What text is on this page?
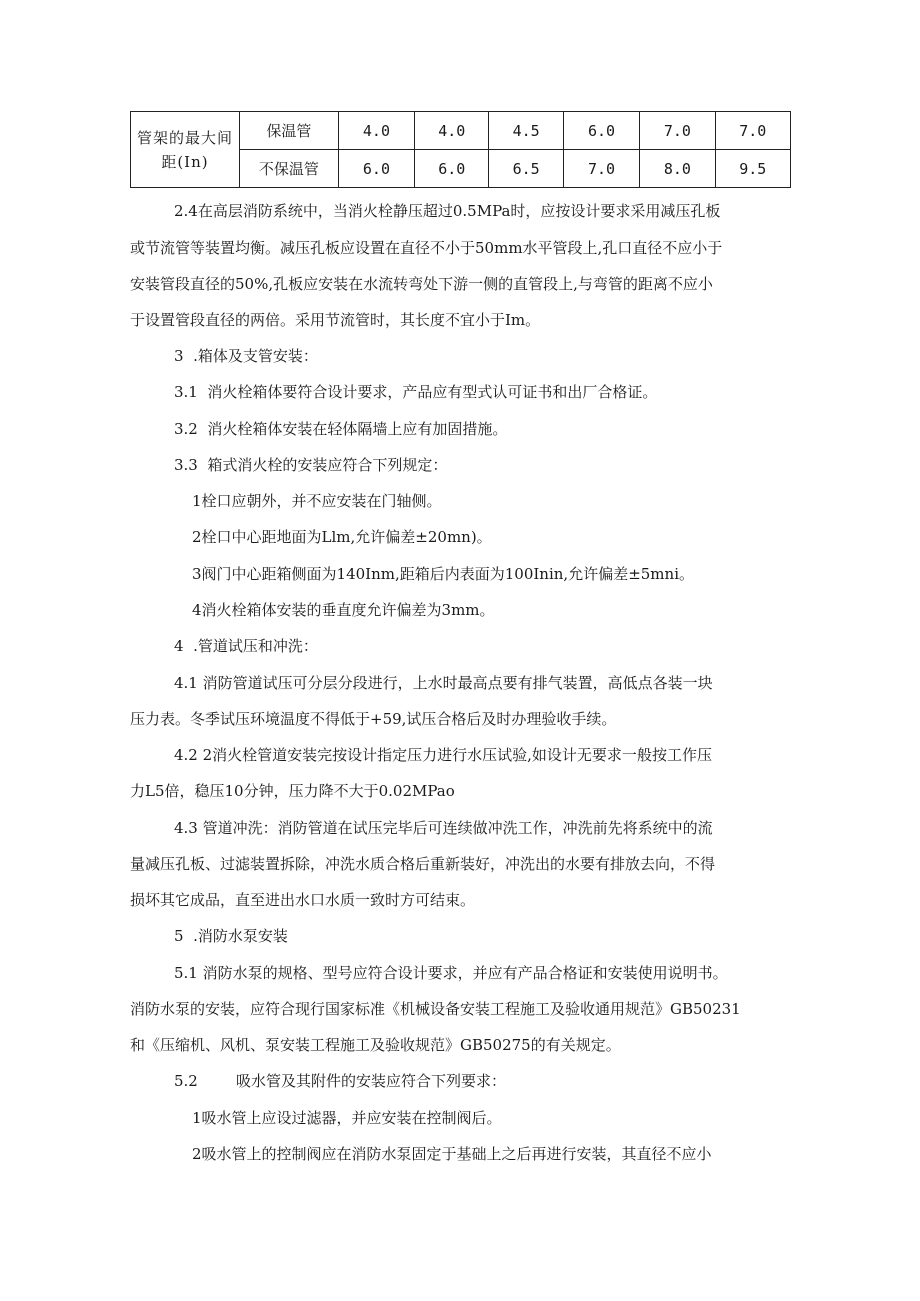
管架的最大间
距(In)	保温管	4.0	4.0	4.5	6.0	7.0	7.0
	不保温管	6.0	6.0	6.5	7.0	8.0	9.5
2.4在高层消防系统中，当消火栓静压超过0.5MPa时，应按设计要求采用减压孔板
或节流管等装置均衡。减压孔板应设置在直径不小于50mm水平管段上,孔口直径不应小于
安装管段直径的50%,孔板应安装在水流转弯处下游一侧的直管段上,与弯管的距离不应小
于设置管段直径的两倍。采用节流管时，其长度不宜小于Im。
3  .箱体及支管安装：
3.1  消火栓箱体要符合设计要求，产品应有型式认可证书和出厂合格证。
3.2  消火栓箱体安装在轻体隔墙上应有加固措施。
3.3  箱式消火栓的安装应符合下列规定：
1栓口应朝外，并不应安装在门轴侧。
2栓口中心距地面为Llm,允许偏差±20mn)。
3阀门中心距箱侧面为140Inm,距箱后内表面为100Inin,允许偏差±5mni。
4消火栓箱体安装的垂直度允许偏差为3mm。
4  .管道试压和冲洗：
4.1 消防管道试压可分层分段进行，上水时最高点要有排气装置，高低点各装一块
压力表。冬季试压环境温度不得低于+59,试压合格后及时办理验收手续。
4.2 2消火栓管道安装完按设计指定压力进行水压试验,如设计无要求一般按工作压
力L5倍，稳压10分钟，压力降不大于0.02MPao
4.3 管道冲洗：消防管道在试压完毕后可连续做冲洗工作，冲洗前先将系统中的流
量减压孔板、过滤装置拆除，冲洗水质合格后重新装好，冲洗出的水要有排放去向，不得
损坏其它成品，直至进出水口水质一致时方可结束。
5  .消防水泵安装
5.1 消防水泵的规格、型号应符合设计要求，并应有产品合格证和安装使用说明书。
消防水泵的安装，应符合现行国家标准《机械设备安装工程施工及验收通用规范》GB50231
和《压缩机、风机、泵安装工程施工及验收规范》GB50275的有关规定。
5.2        吸水管及其附件的安装应符合下列要求：
1吸水管上应设过滤器，并应安装在控制阀后。
2吸水管上的控制阀应在消防水泵固定于基础上之后再进行安装，其直径不应小
